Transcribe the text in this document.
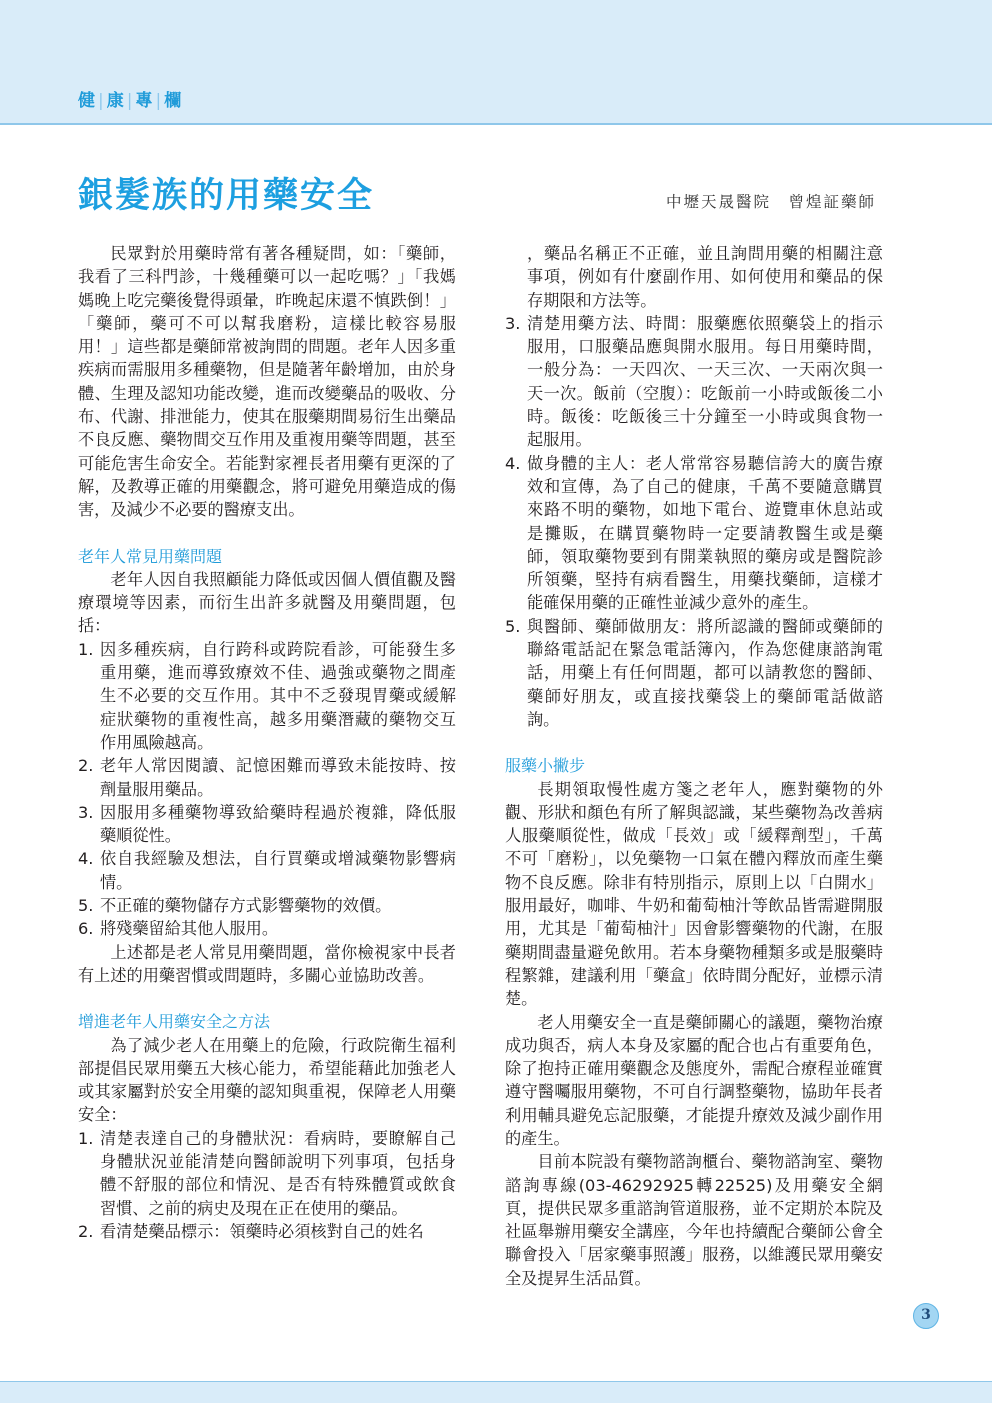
健 | 康 | 專 | 欄
銀髮族的用藥安全	中壢天晟醫院　曾煌証藥師

民眾對於用藥時常有著各種疑問，如：「藥師，我看了三科門診，十幾種藥可以一起吃嗎？」「我媽媽晚上吃完藥後覺得頭暈，昨晚起床還不慎跌倒！」「藥師，藥可不可以幫我磨粉，這樣比較容易服用！」這些都是藥師常被詢問的問題。老年人因多重疾病而需服用多種藥物，但是隨著年齡增加，由於身體、生理及認知功能改變，進而改變藥品的吸收、分布、代謝、排泄能力，使其在服藥期間易衍生出藥品不良反應、藥物間交互作用及重複用藥等問題，甚至可能危害生命安全。若能對家裡長者用藥有更深的了解，及教導正確的用藥觀念，將可避免用藥造成的傷害，及減少不必要的醫療支出。

老年人常見用藥問題

老年人因自我照顧能力降低或因個人價值觀及醫療環境等因素，而衍生出許多就醫及用藥問題，包括：

1. 因多種疾病，自行跨科或跨院看診，可能發生多重用藥，進而導致療效不佳、過強或藥物之間產生不必要的交互作用。其中不乏發現胃藥或緩解症狀藥物的重複性高，越多用藥潛藏的藥物交互作用風險越高。
2. 老年人常因閱讀、記憶困難而導致未能按時、按劑量服用藥品。
3. 因服用多種藥物導致給藥時程過於複雜，降低服藥順從性。
4. 依自我經驗及想法，自行買藥或增減藥物影響病情。
5. 不正確的藥物儲存方式影響藥物的效價。
6. 將殘藥留給其他人服用。

上述都是老人常見用藥問題，當你檢視家中長者有上述的用藥習慣或問題時，多關心並協助改善。

增進老年人用藥安全之方法

為了減少老人在用藥上的危險，行政院衛生福利部提倡民眾用藥五大核心能力，希望能藉此加強老人或其家屬對於安全用藥的認知與重視，保障老人用藥安全：

1. 清楚表達自己的身體狀況：看病時，要瞭解自己身體狀況並能清楚向醫師說明下列事項，包括身體不舒服的部位和情況、是否有特殊體質或飲食習慣、之前的病史及現在正在使用的藥品。
2. 看清楚藥品標示：領藥時必須核對自己的姓名
，藥品名稱正不正確，並且詢問用藥的相關注意事項，例如有什麼副作用、如何使用和藥品的保存期限和方法等。
3. 清楚用藥方法、時間：服藥應依照藥袋上的指示服用，口服藥品應與開水服用。每日用藥時間，一般分為：一天四次、一天三次、一天兩次與一天一次。飯前（空腹）：吃飯前一小時或飯後二小時。飯後：吃飯後三十分鐘至一小時或與食物一起服用。
4. 做身體的主人：老人常常容易聽信誇大的廣告療效和宣傳，為了自己的健康，千萬不要隨意購買來路不明的藥物，如地下電台、遊覽車休息站或是攤販，在購買藥物時一定要請教醫生或是藥師，領取藥物要到有開業執照的藥房或是醫院診所領藥，堅持有病看醫生，用藥找藥師，這樣才能確保用藥的正確性並減少意外的產生。
5. 與醫師、藥師做朋友：將所認識的醫師或藥師的聯絡電話記在緊急電話簿內，作為您健康諮詢電話，用藥上有任何問題，都可以請教您的醫師、藥師好朋友，或直接找藥袋上的藥師電話做諮詢。
服藥小撇步

長期領取慢性處方箋之老年人，應對藥物的外觀、形狀和顏色有所了解與認識，某些藥物為改善病人服藥順從性，做成「長效」或「緩釋劑型」，千萬不可「磨粉」，以免藥物一口氣在體內釋放而產生藥物不良反應。除非有特別指示，原則上以「白開水」服用最好，咖啡、牛奶和葡萄柚汁等飲品皆需避開服用，尤其是「葡萄柚汁」因會影響藥物的代謝，在服藥期間盡量避免飲用。若本身藥物種類多或是服藥時程繁雜，建議利用「藥盒」依時間分配好，並標示清楚。

老人用藥安全一直是藥師關心的議題，藥物治療成功與否，病人本身及家屬的配合也占有重要角色，除了抱持正確用藥觀念及態度外，需配合療程並確實遵守醫囑服用藥物，不可自行調整藥物，協助年長者利用輔具避免忘記服藥，才能提升療效及減少副作用的產生。

目前本院設有藥物諮詢櫃台、藥物諮詢室、藥物諮詢專線(03-46292925轉22525)及用藥安全網頁，提供民眾多重諮詢管道服務，並不定期於本院及社區舉辦用藥安全講座，今年也持續配合藥師公會全聯會投入「居家藥事照護」服務，以維護民眾用藥安全及提昇生活品質。

3
